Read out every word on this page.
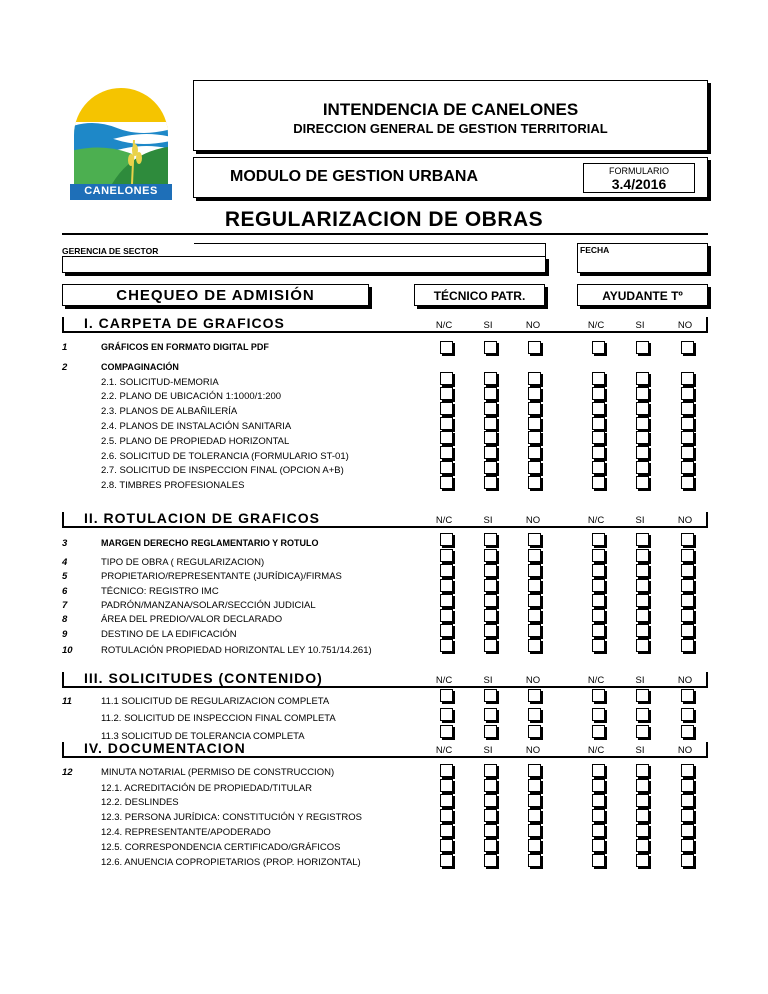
CANELONES
INTENDENCIA DE CANELONES
DIRECCION GENERAL DE GESTION TERRITORIAL
MODULO DE GESTION URBANA	FORMULARIO
3.4/2016
REGULARIZACION DE OBRAS
GERENCIA DE SECTOR	FECHA
CHEQUEO DE ADMISIÓN	TÉCNICO PATR.	AYUDANTE Tº
I. CARPETA DE GRAFICOS	N/C	SI	NO	N/C	SI	NO
1	GRÁFICOS EN FORMATO DIGITAL PDF
2	COMPAGINACIÓN
2.1. SOLICITUD-MEMORIA
2.2. PLANO DE UBICACIÓN 1:1000/1:200
2.3. PLANOS DE ALBAÑILERÍA
2.4. PLANOS DE INSTALACIÓN SANITARIA
2.5. PLANO DE PROPIEDAD HORIZONTAL
2.6. SOLICITUD DE TOLERANCIA (FORMULARIO ST-01)
2.7. SOLICITUD DE INSPECCION FINAL (OPCION A+B)
2.8. TIMBRES PROFESIONALES
II. ROTULACION DE GRAFICOS	N/C	SI	NO	N/C	SI	NO
3	MARGEN DERECHO REGLAMENTARIO Y ROTULO
4	TIPO DE OBRA ( REGULARIZACION)
5	PROPIETARIO/REPRESENTANTE (JURÍDICA)/FIRMAS
6	TÉCNICO: REGISTRO IMC
7	PADRÓN/MANZANA/SOLAR/SECCIÓN JUDICIAL
8	ÁREA DEL PREDIO/VALOR DECLARADO
9	DESTINO DE LA EDIFICACIÓN
10	ROTULACIÓN PROPIEDAD HORIZONTAL LEY 10.751/14.261)
III. SOLICITUDES (CONTENIDO)	N/C	SI	NO	N/C	SI	NO
11	11.1 SOLICITUD DE REGULARIZACION COMPLETA
11.2. SOLICITUD DE INSPECCION FINAL COMPLETA
11.3 SOLICITUD DE TOLERANCIA COMPLETA
IV. DOCUMENTACION	N/C	SI	NO	N/C	SI	NO
12	MINUTA NOTARIAL (PERMISO DE CONSTRUCCION)
12.1. ACREDITACIÓN DE PROPIEDAD/TITULAR
12.2. DESLINDES
12.3. PERSONA JURÍDICA: CONSTITUCIÓN Y REGISTROS
12.4. REPRESENTANTE/APODERADO
12.5. CORRESPONDENCIA CERTIFICADO/GRÁFICOS
12.6. ANUENCIA COPROPIETARIOS (PROP. HORIZONTAL)
